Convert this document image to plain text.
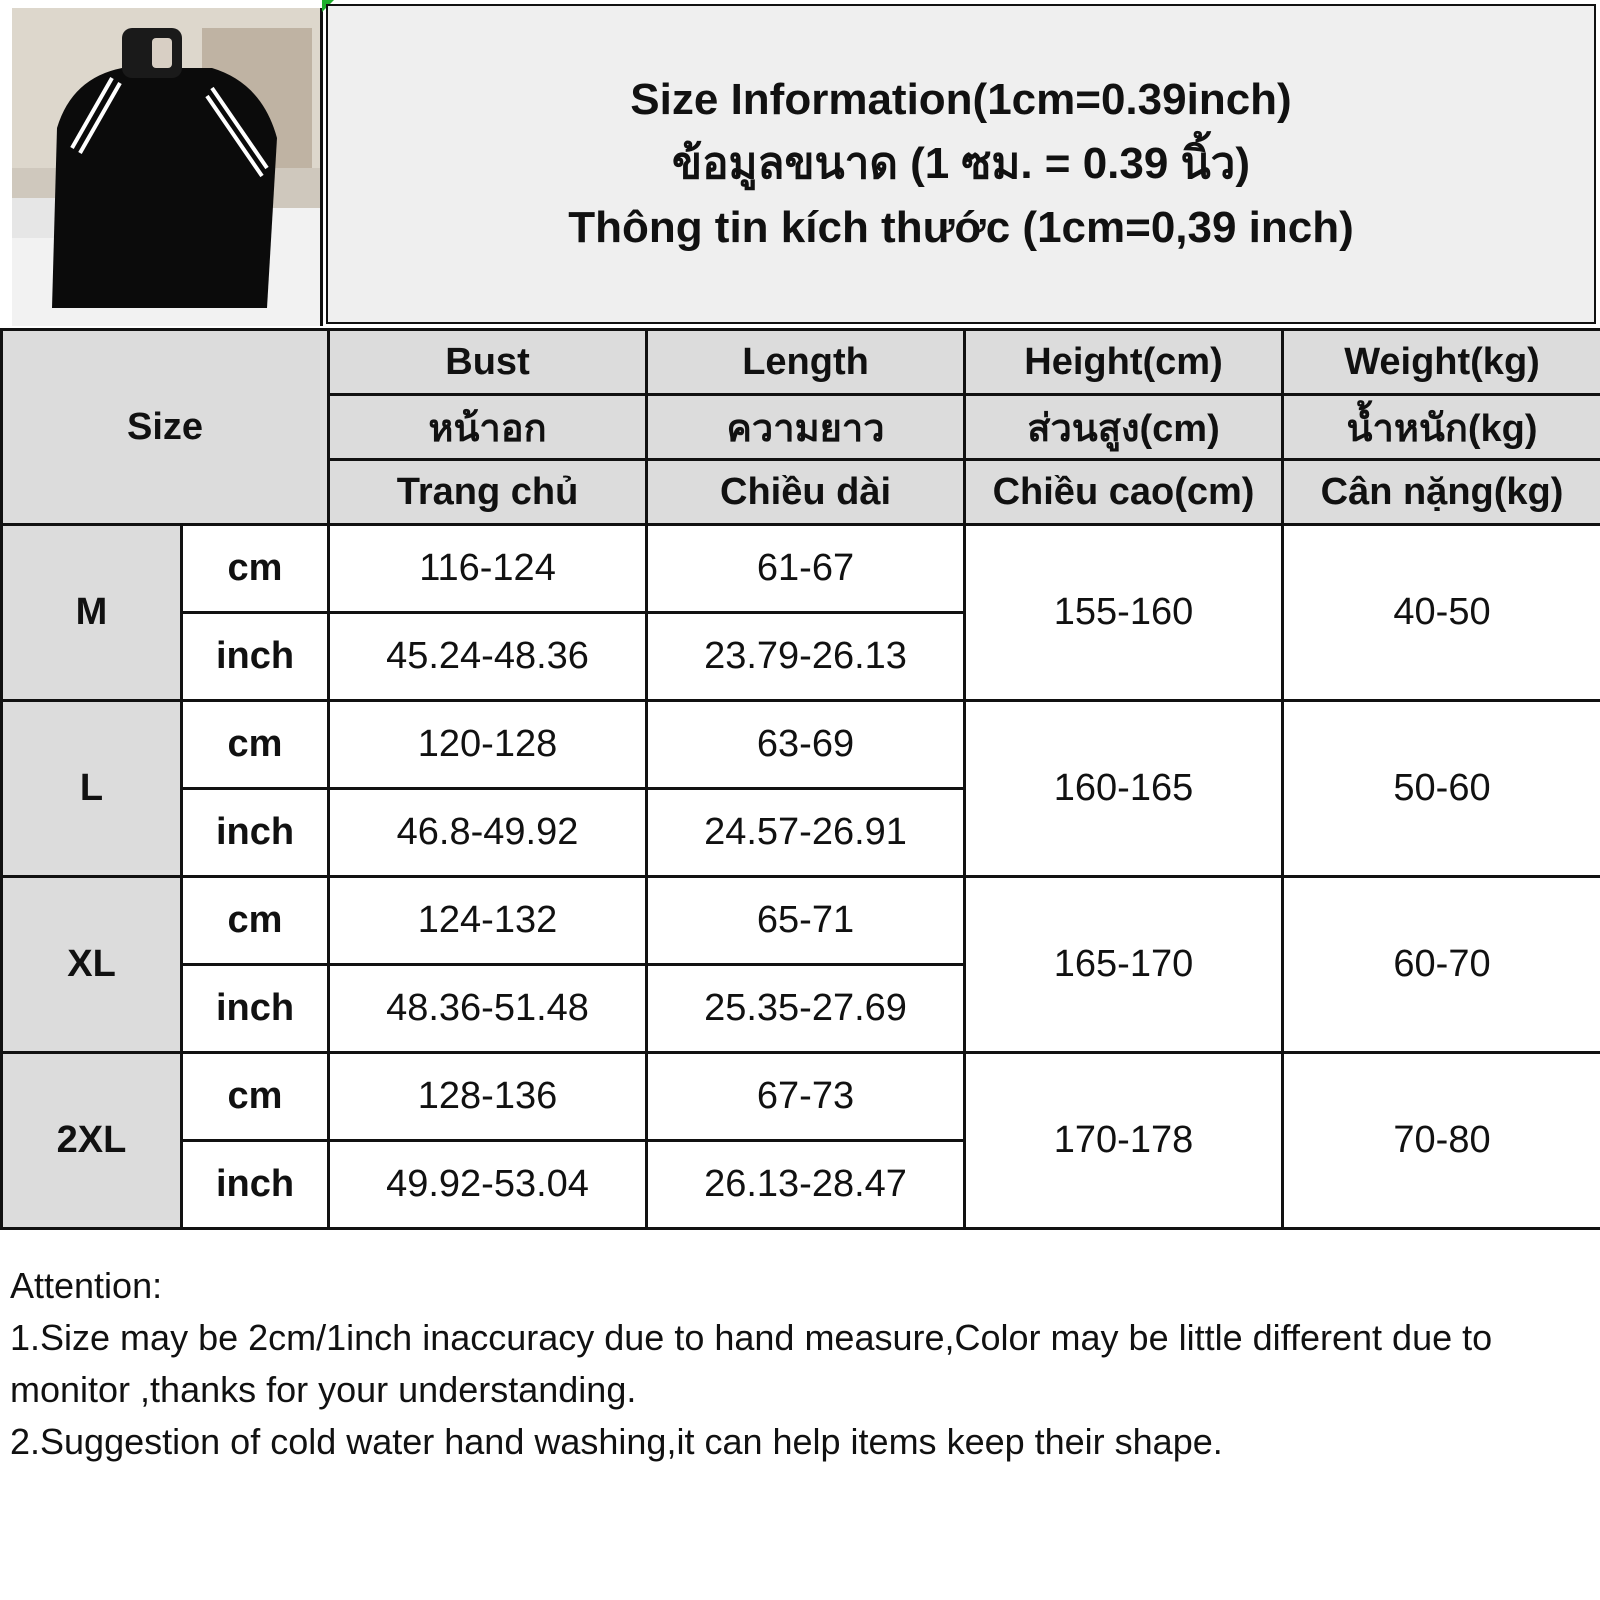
Size Information(1cm=0.39inch)
ข้อมูลขนาด (1 ซม. = 0.39 นิ้ว)
Thông tin kích thước (1cm=0,39 inch)
Size		Bust	Length	Height(cm)	Weight(kg)
		หน้าอก	ความยาว	ส่วนสูง(cm)	น้ำหนัก(kg)
		Trang chủ	Chiều dài	Chiều cao(cm)	Cân nặng(kg)
M	cm	116-124	61-67	155-160	40-50
	inch	45.24-48.36	23.79-26.13		
L	cm	120-128	63-69	160-165	50-60
	inch	46.8-49.92	24.57-26.91		
XL	cm	124-132	65-71	165-170	60-70
	inch	48.36-51.48	25.35-27.69		
2XL	cm	128-136	67-73	170-178	70-80
	inch	49.92-53.04	26.13-28.47		
Attention:
1.Size may be 2cm/1inch inaccuracy due to hand measure,Color may be little different due to monitor ,thanks for your understanding.
2.Suggestion of cold water hand washing,it can help items keep their shape.
